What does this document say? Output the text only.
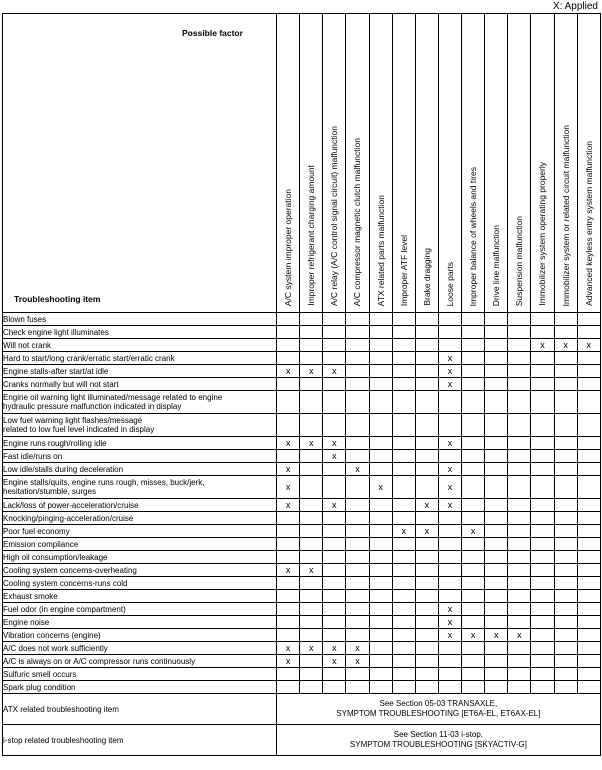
X: Applied
Possible factor
Troubleshooting item	A/C system improper operation	Improper refrigerant charging amount	A/C relay (A/C control signal circuit) malfunction	A/C compressor magnetic clutch malfunction	ATX related parts malfunction	Improper ATF level	Brake dragging	Loose parts	Improper balance of wheels and tires	Drive line malfunction	Suspension malfunction	Immobilizer system operating properly	Immobilizer system or related circuit malfunction	Advanced keyless entry system malfunction

Blown fuses														
Check engine light illuminates														
Will not crank												x	x	x
Hard to start/long crank/erratic start/erratic crank								x						
Engine stalls-after start/at idle	x	x	x					x						
Cranks normally but will not start								x						
Engine oil warning light illuminated/message related to engine
hydraulic pressure malfunction indicated in display														
Low fuel warning light flashes/message
related to low fuel level indicated in display														
Engine runs rough/rolling idle	x	x	x					x						
Fast idle/runs on			x											
Low idle/stalls during deceleration	x			x				x						
Engine stalls/quits, engine runs rough, misses, buck/jerk,
hesitation/stumble, surges	x				x			x						
Lack/loss of power-acceleration/cruise	x		x				x	x						
Knocking/pinging-acceleration/cruise														
Poor fuel economy						x	x		x					
Emission compliance														
High oil consumption/leakage														
Cooling system concerns-overheating	x	x												
Cooling system concerns-runs cold														
Exhaust smoke														
Fuel odor (in engine compartment)								x						
Engine noise								x						
Vibration concerns (engine)								x	x	x	x			
A/C does not work sufficiently	x	x	x	x										
A/C is always on or A/C compressor runs continuously	x		x	x										
Sulfuric smell occurs														
Spark plug condition														
ATX related troubleshooting item	See Section 05-03 TRANSAXLE,
SYMPTOM TROUBLESHOOTING [ET6A-EL, ET6AX-EL]													

i-stop related troubleshooting item	See Section 11-03 i-stop,
SYMPTOM TROUBLESHOOTING [SKYACTIV-G]													
